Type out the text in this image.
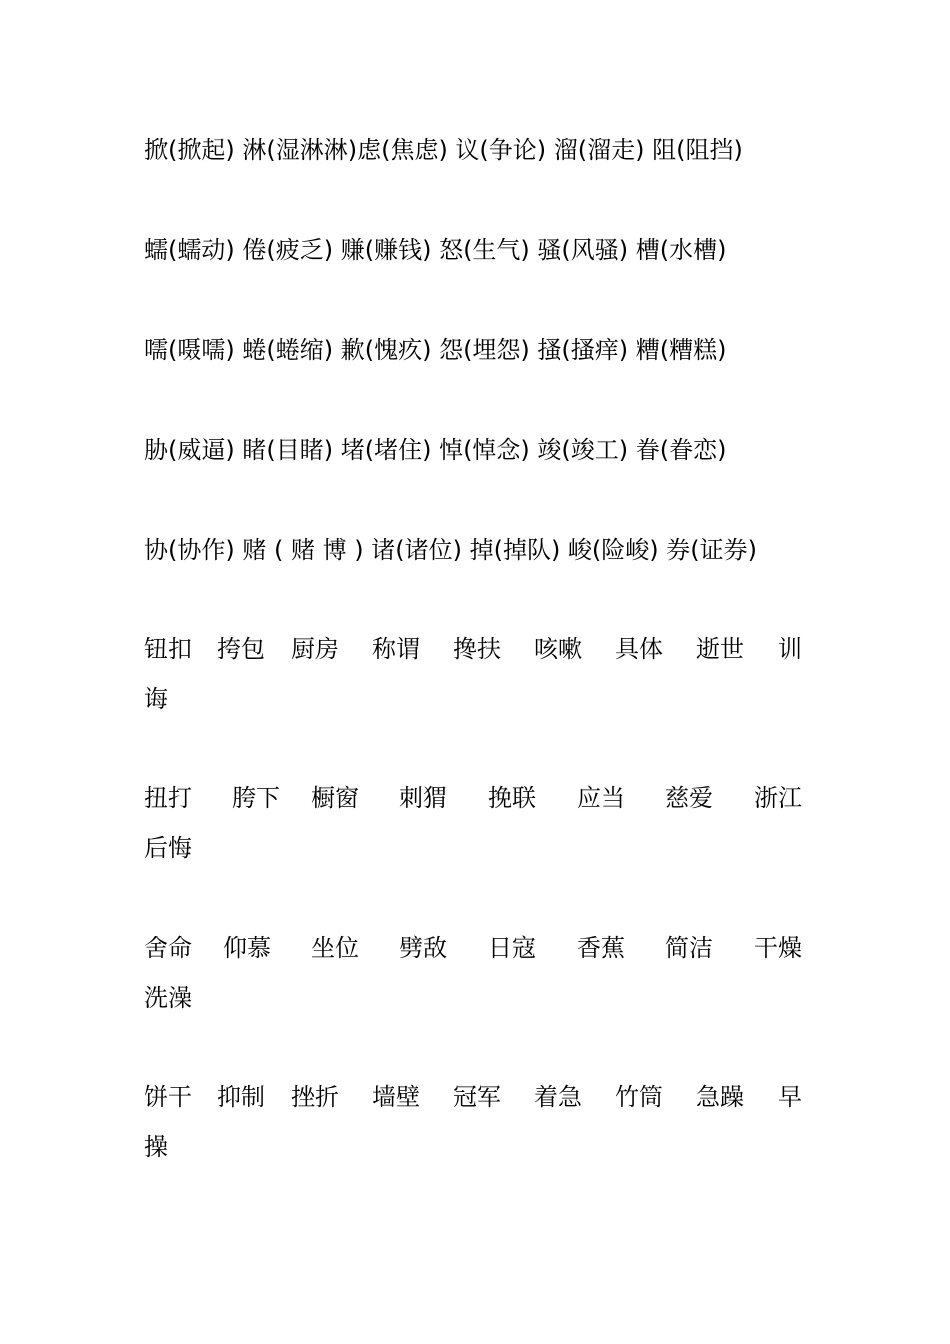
掀(掀起) 淋(湿淋淋)虑(焦虑) 议(争论) 溜(溜走) 阻(阻挡)
蠕(蠕动) 倦(疲乏) 赚(赚钱) 怒(生气) 骚(风骚) 槽(水槽)
嚅(嗫嚅) 蜷(蜷缩) 歉(愧疚) 怨(埋怨) 搔(搔痒) 糟(糟糕)
胁(威逼) 睹(目睹) 堵(堵住) 悼(悼念) 竣(竣工) 眷(眷恋)
协(协作) 赌 ( 赌 博 ) 诸(诸位) 掉(掉队) 峻(险峻) 券(证券)
钮扣 挎包 厨房 称谓 搀扶 咳嗽 具体 逝世 训
诲
扭打 胯下 橱窗 刺猬 挽联 应当 慈爱 浙江
后悔
舍命 仰慕 坐位 劈敌 日寇 香蕉 简洁 干燥
洗澡
饼干 抑制 挫折 墙壁 冠军 着急 竹筒 急躁 早
操
